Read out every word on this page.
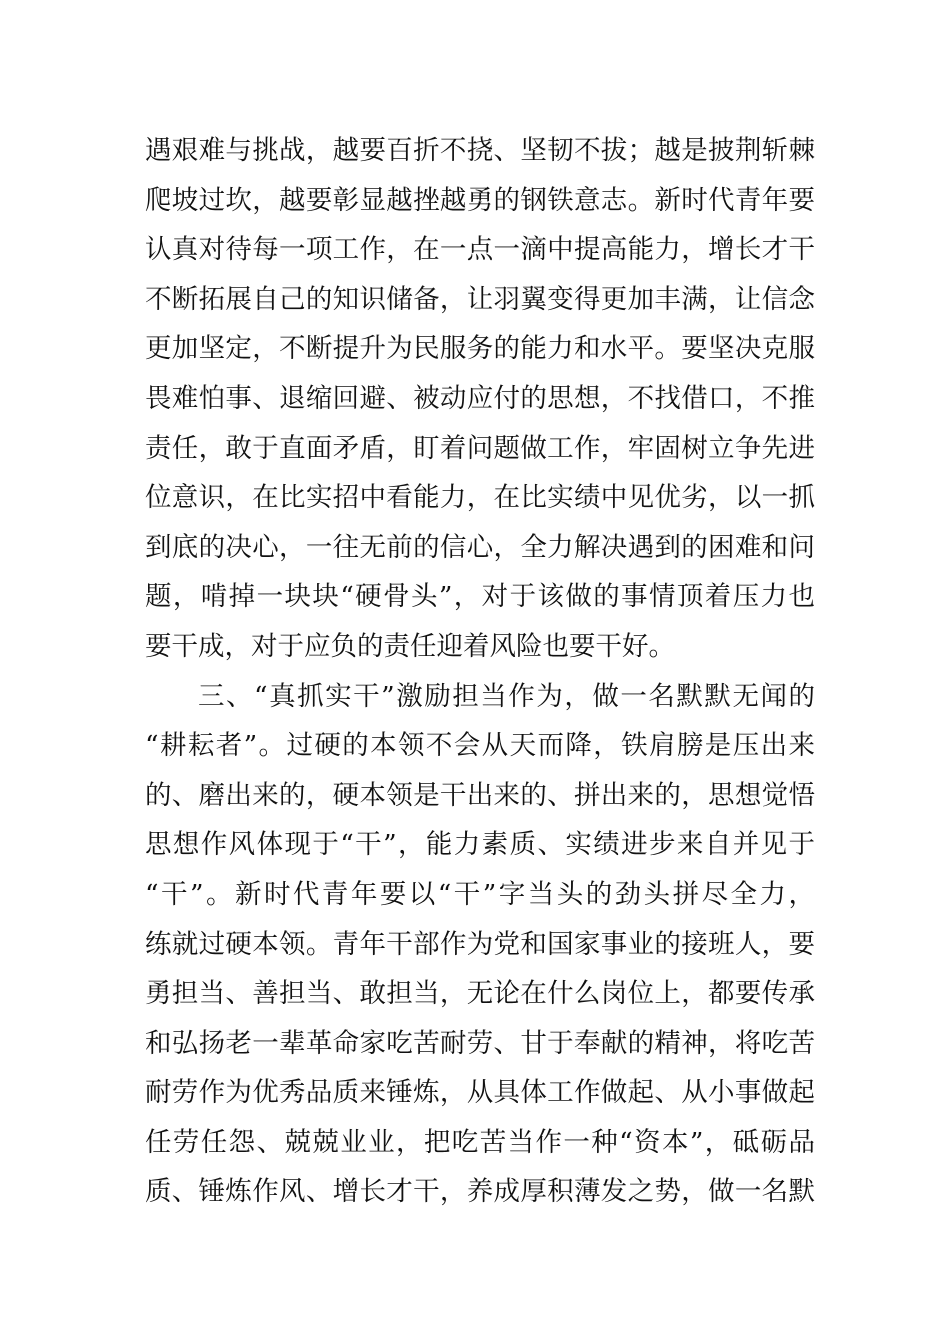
遇艰难与挑战，越要百折不挠、坚韧不拔；越是披荆斩棘
爬坡过坎，越要彰显越挫越勇的钢铁意志。新时代青年要
认真对待每一项工作，在一点一滴中提高能力，增长才干
不断拓展自己的知识储备，让羽翼变得更加丰满，让信念
更加坚定，不断提升为民服务的能力和水平。要坚决克服
畏难怕事、退缩回避、被动应付的思想，不找借口，不推
责任，敢于直面矛盾，盯着问题做工作，牢固树立争先进
位意识，在比实招中看能力，在比实绩中见优劣，以一抓
到底的决心，一往无前的信心，全力解决遇到的困难和问
题，啃掉一块块“硬骨头”，对于该做的事情顶着压力也
要干成，对于应负的责任迎着风险也要干好。
三、“真抓实干”激励担当作为，做一名默默无闻的
“耕耘者”。过硬的本领不会从天而降，铁肩膀是压出来
的、磨出来的，硬本领是干出来的、拼出来的，思想觉悟
思想作风体现于“干”，能力素质、实绩进步来自并见于
“干”。新时代青年要以“干”字当头的劲头拼尽全力，
练就过硬本领。青年干部作为党和国家事业的接班人，要
勇担当、善担当、敢担当，无论在什么岗位上，都要传承
和弘扬老一辈革命家吃苦耐劳、甘于奉献的精神，将吃苦
耐劳作为优秀品质来锤炼，从具体工作做起、从小事做起
任劳任怨、兢兢业业，把吃苦当作一种“资本”，砥砺品
质、锤炼作风、增长才干，养成厚积薄发之势，做一名默
